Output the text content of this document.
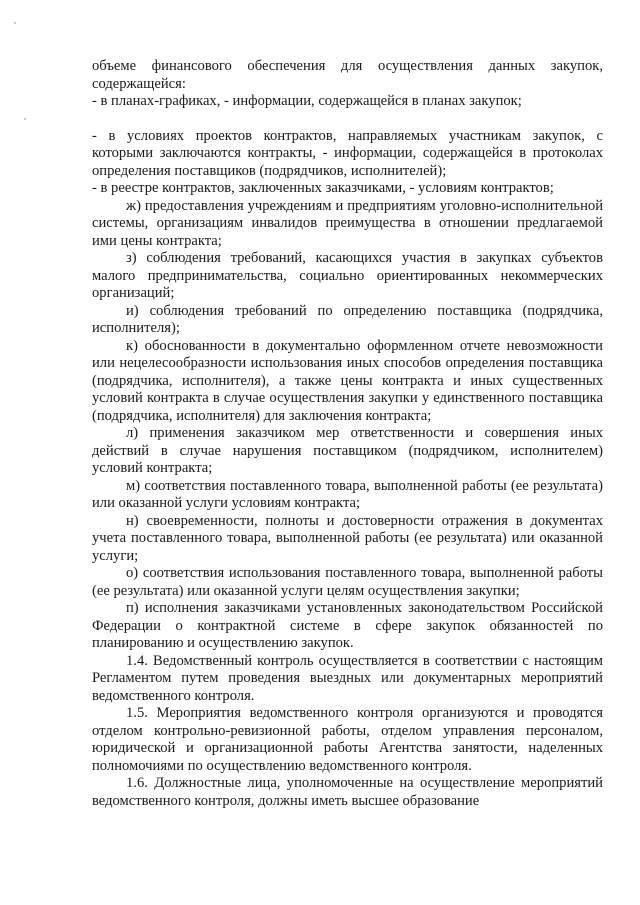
объеме финансового обеспечения для осуществления данных закупок, содержащейся:

- в планах-графиках, - информации, содержащейся в планах закупок;

- в условиях проектов контрактов, направляемых участникам закупок, с которыми заключаются контракты, - информации, содержащейся в протоколах определения поставщиков (подрядчиков, исполнителей);

- в реестре контрактов, заключенных заказчиками, - условиям контрактов;

ж) предоставления учреждениям и предприятиям уголовно-исполнительной системы, организациям инвалидов преимущества в отношении предлагаемой ими цены контракта;

з) соблюдения требований, касающихся участия в закупках субъектов малого предпринимательства, социально ориентированных некоммерческих организаций;

и) соблюдения требований по определению поставщика (подрядчика, исполнителя);

к) обоснованности в документально оформленном отчете невозможности или нецелесообразности использования иных способов определения поставщика (подрядчика, исполнителя), а также цены контракта и иных существенных условий контракта в случае осуществления закупки у единственного поставщика (подрядчика, исполнителя) для заключения контракта;

л) применения заказчиком мер ответственности и совершения иных действий в случае нарушения поставщиком (подрядчиком, исполнителем) условий контракта;

м) соответствия поставленного товара, выполненной работы (ее результата) или оказанной услуги условиям контракта;

н) своевременности, полноты и достоверности отражения в документах учета поставленного товара, выполненной работы (ее результата) или оказанной услуги;

о) соответствия использования поставленного товара, выполненной работы (ее результата) или оказанной услуги целям осуществления закупки;

п) исполнения заказчиками установленных законодательством Российской Федерации о контрактной системе в сфере закупок обязанностей по планированию и осуществлению закупок.

1.4. Ведомственный контроль осуществляется в соответствии с настоящим Регламентом путем проведения выездных или документарных мероприятий ведомственного контроля.

1.5. Мероприятия ведомственного контроля организуются и проводятся отделом контрольно-ревизионной работы, отделом управления персоналом, юридической и организационной работы Агентства занятости, наделенных полномочиями по осуществлению ведомственного контроля.

1.6. Должностные лица, уполномоченные на осуществление мероприятий ведомственного контроля, должны иметь высшее образование
